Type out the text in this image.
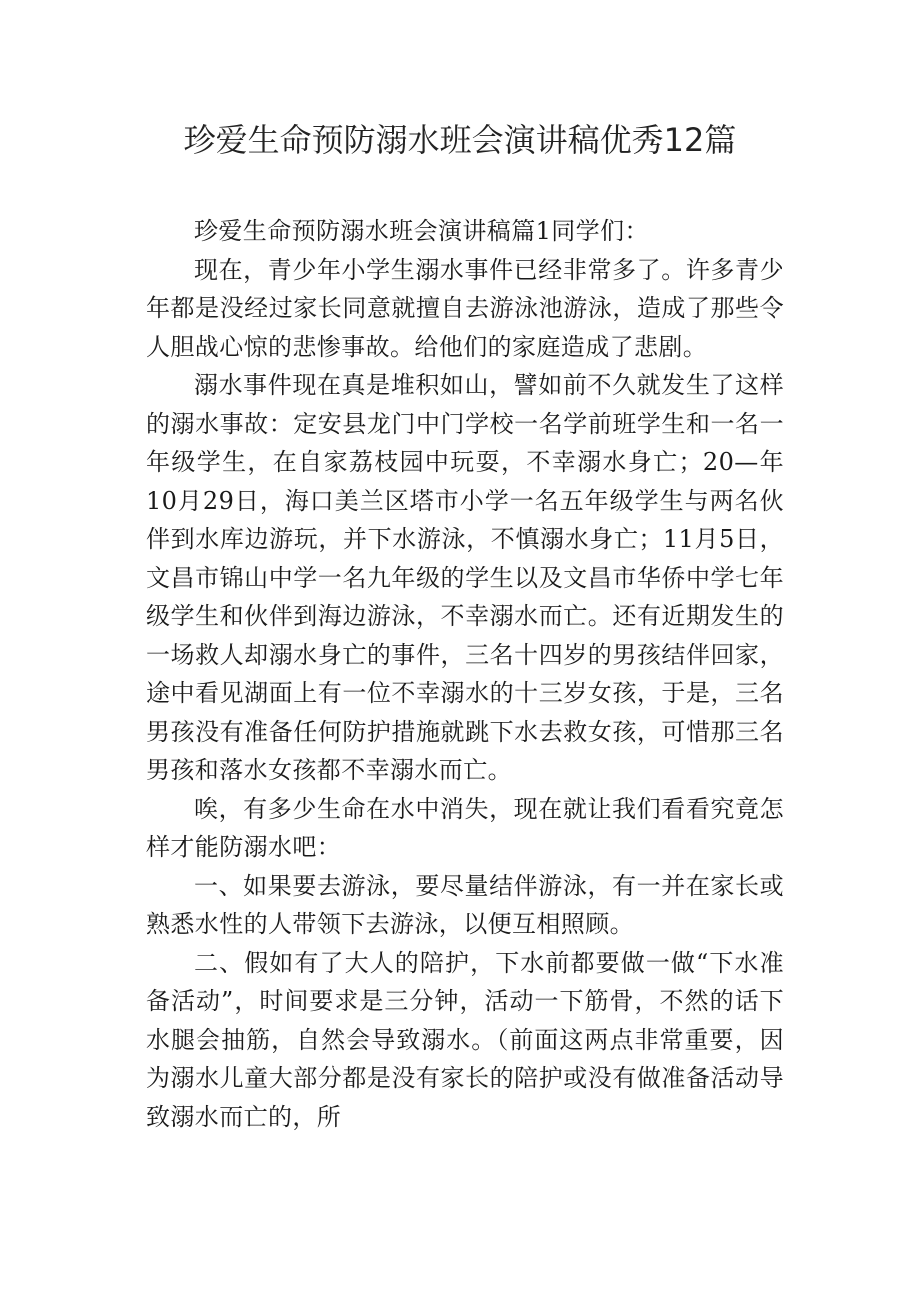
珍爱生命预防溺水班会演讲稿优秀12篇

珍爱生命预防溺水班会演讲稿篇1同学们：

现在，青少年小学生溺水事件已经非常多了。许多青少年都是没经过家长同意就擅自去游泳池游泳，造成了那些令人胆战心惊的悲惨事故。给他们的家庭造成了悲剧。

溺水事件现在真是堆积如山，譬如前不久就发生了这样的溺水事故：定安县龙门中门学校一名学前班学生和一名一年级学生，在自家荔枝园中玩耍，不幸溺水身亡；20—年10月29日，海口美兰区塔市小学一名五年级学生与两名伙伴到水库边游玩，并下水游泳，不慎溺水身亡；11月5日，文昌市锦山中学一名九年级的学生以及文昌市华侨中学七年级学生和伙伴到海边游泳，不幸溺水而亡。还有近期发生的一场救人却溺水身亡的事件，三名十四岁的男孩结伴回家，途中看见湖面上有一位不幸溺水的十三岁女孩，于是，三名男孩没有准备任何防护措施就跳下水去救女孩，可惜那三名男孩和落水女孩都不幸溺水而亡。

唉，有多少生命在水中消失，现在就让我们看看究竟怎样才能防溺水吧：

一、如果要去游泳，要尽量结伴游泳，有一并在家长或熟悉水性的人带领下去游泳，以便互相照顾。

二、假如有了大人的陪护，下水前都要做一做“下水准备活动”，时间要求是三分钟，活动一下筋骨，不然的话下水腿会抽筋，自然会导致溺水。（前面这两点非常重要，因为溺水儿童大部分都是没有家长的陪护或没有做准备活动导致溺水而亡的，所
